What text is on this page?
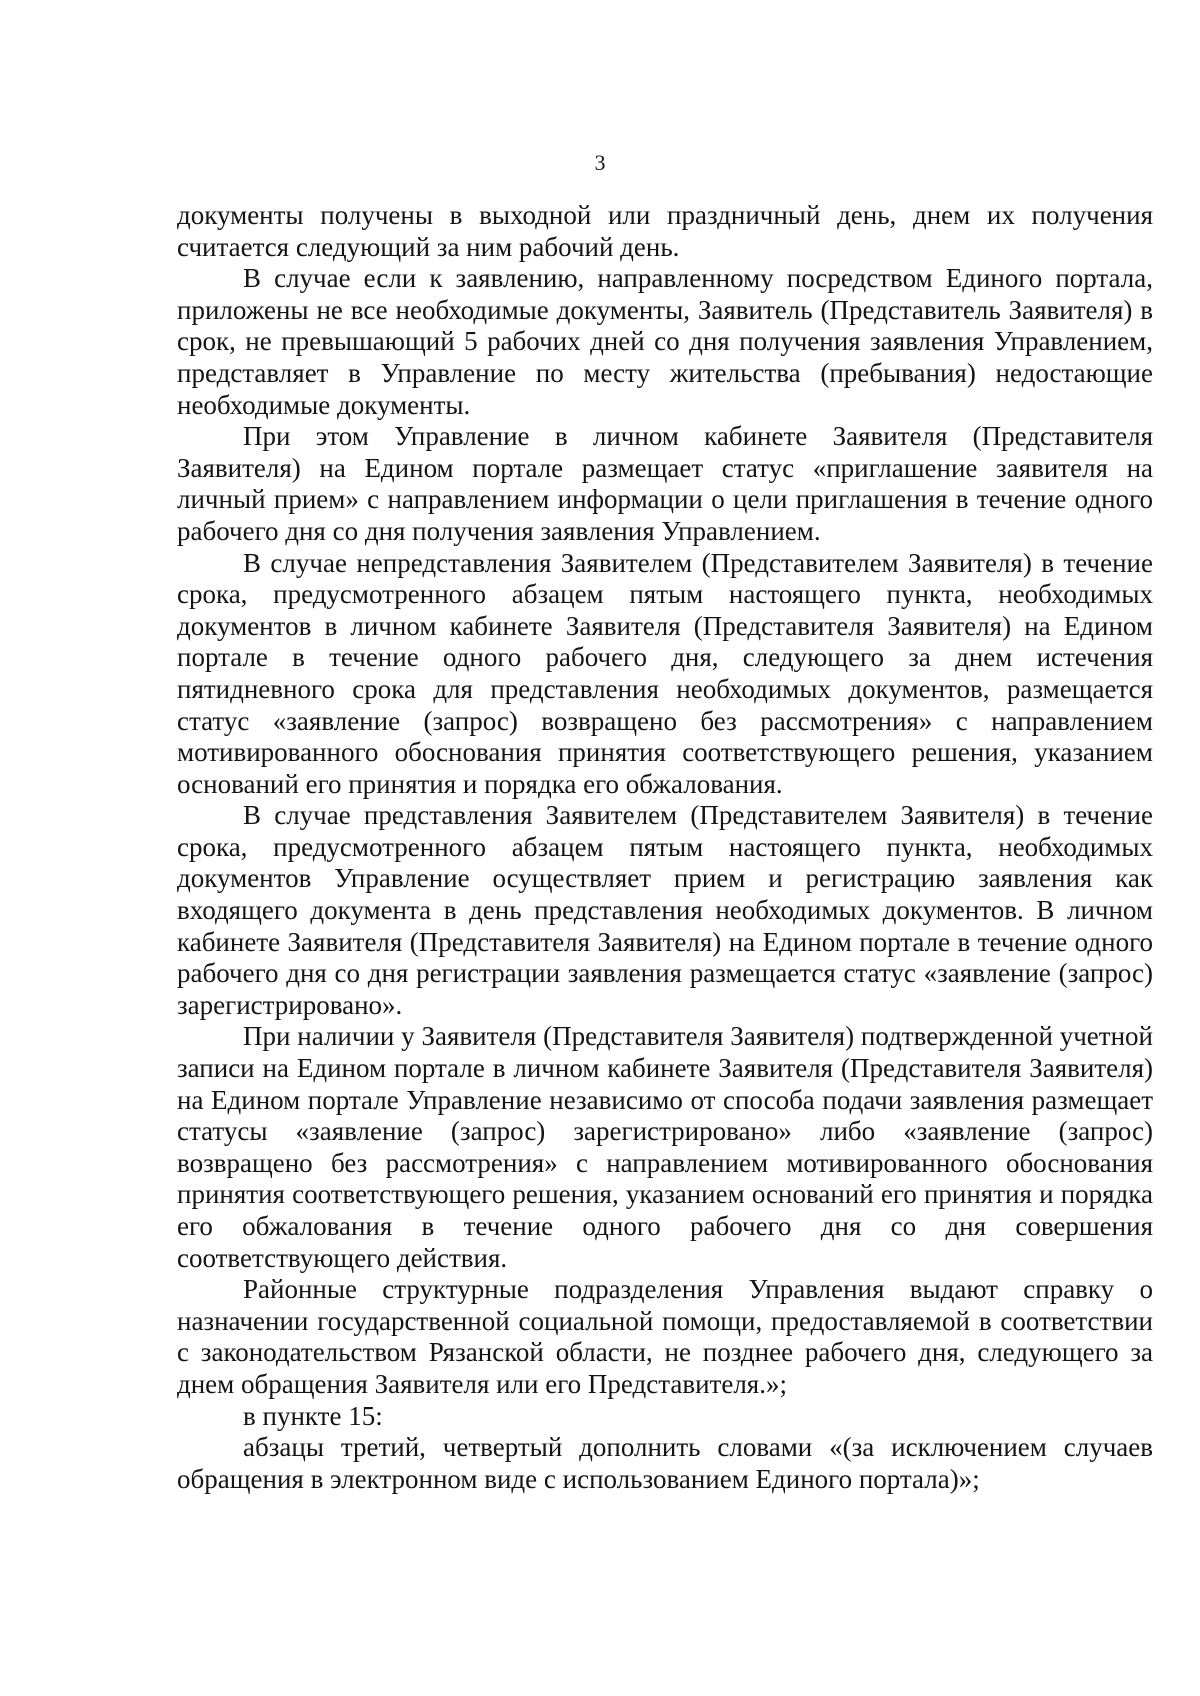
3

документы получены в выходной или праздничный день, днем их получения считается следующий за ним рабочий день.

В случае если к заявлению, направленному посредством Единого портала, приложены не все необходимые документы, Заявитель (Представитель Заявителя) в срок, не превышающий 5 рабочих дней со дня получения заявления Управлением, представляет в Управление по месту жительства (пребывания) недостающие необходимые документы.

При этом Управление в личном кабинете Заявителя (Представителя Заявителя) на Едином портале размещает статус «приглашение заявителя на личный прием» с направлением информации о цели приглашения в течение одного рабочего дня со дня получения заявления Управлением.

В случае непредставления Заявителем (Представителем Заявителя) в течение срока, предусмотренного абзацем пятым настоящего пункта, необходимых документов в личном кабинете Заявителя (Представителя Заявителя) на Едином портале в течение одного рабочего дня, следующего за днем истечения пятидневного срока для представления необходимых документов, размещается статус «заявление (запрос) возвращено без рассмотрения» с направлением мотивированного обоснования принятия соответствующего решения, указанием оснований его принятия и порядка его обжалования.

В случае представления Заявителем (Представителем Заявителя) в течение срока, предусмотренного абзацем пятым настоящего пункта, необходимых документов Управление осуществляет прием и регистрацию заявления как входящего документа в день представления необходимых документов. В личном кабинете Заявителя (Представителя Заявителя) на Едином портале в течение одного рабочего дня со дня регистрации заявления размещается статус «заявление (запрос) зарегистрировано».

При наличии у Заявителя (Представителя Заявителя) подтвержденной учетной записи на Едином портале в личном кабинете Заявителя (Представителя Заявителя) на Едином портале Управление независимо от способа подачи заявления размещает статусы «заявление (запрос) зарегистрировано» либо «заявление (запрос) возвращено без рассмотрения» с направлением мотивированного обоснования принятия соответствующего решения, указанием оснований его принятия и порядка его обжалования в течение одного рабочего дня со дня совершения соответствующего действия.

Районные структурные подразделения Управления выдают справку о назначении государственной социальной помощи, предоставляемой в соответствии с законодательством Рязанской области, не позднее рабочего дня, следующего за днем обращения Заявителя или его Представителя.»;

в пункте 15:

абзацы третий, четвертый дополнить словами «(за исключением случаев обращения в электронном виде с использованием Единого портала)»;
